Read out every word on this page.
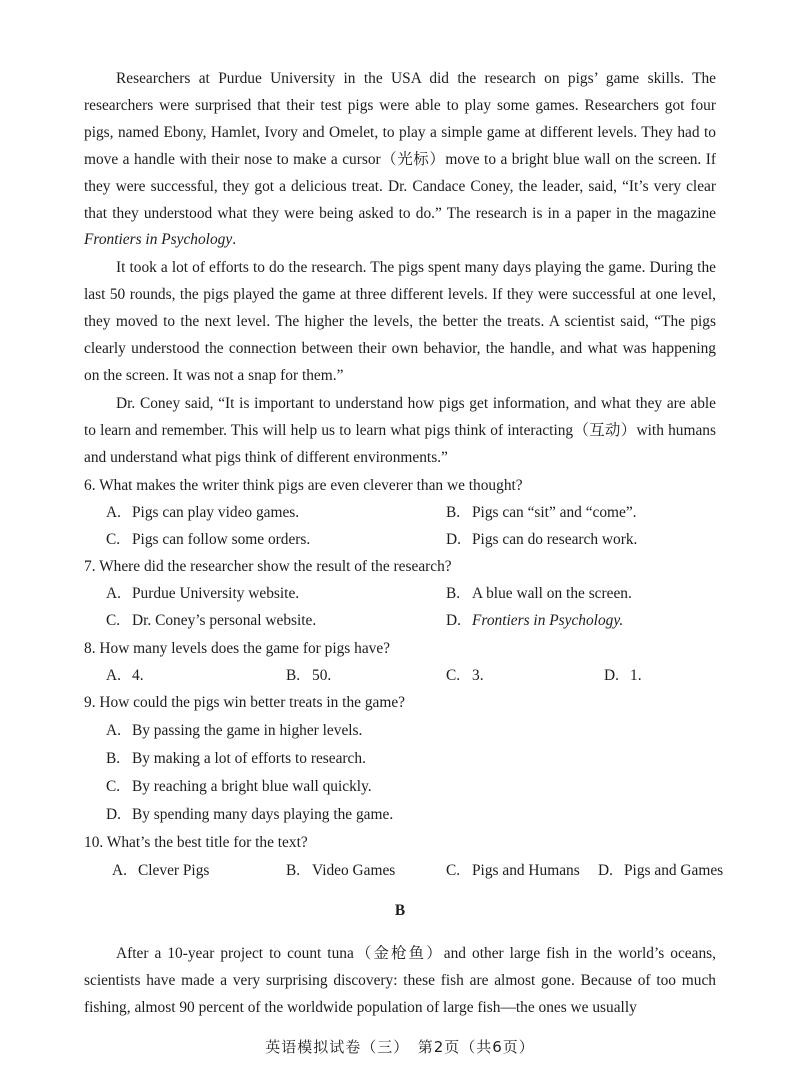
Researchers at Purdue University in the USA did the research on pigs’ game skills. The researchers were surprised that their test pigs were able to play some games. Researchers got four pigs, named Ebony, Hamlet, Ivory and Omelet, to play a simple game at different levels. They had to move a handle with their nose to make a cursor（光标）move to a bright blue wall on the screen. If they were successful, they got a delicious treat. Dr. Candace Coney, the leader, said, “It’s very clear that they understood what they were being asked to do.” The research is in a paper in the magazine Frontiers in Psychology.
It took a lot of efforts to do the research. The pigs spent many days playing the game. During the last 50 rounds, the pigs played the game at three different levels. If they were successful at one level, they moved to the next level. The higher the levels, the better the treats. A scientist said, “The pigs clearly understood the connection between their own behavior, the handle, and what was happening on the screen. It was not a snap for them.”
Dr. Coney said, “It is important to understand how pigs get information, and what they are able to learn and remember. This will help us to learn what pigs think of interacting（互动）with humans and understand what pigs think of different environments.”
6. What makes the writer think pigs are even cleverer than we thought?
A. Pigs can play video games.	B. Pigs can “sit” and “come”.
C. Pigs can follow some orders.	D. Pigs can do research work.
7. Where did the researcher show the result of the research?
A. Purdue University website.	B. A blue wall on the screen.
C. Dr. Coney’s personal website.	D. Frontiers in Psychology.
8. How many levels does the game for pigs have?
A. 4.	B. 50.	C. 3.	D. 1.
9. How could the pigs win better treats in the game?
A. By passing the game in higher levels.
B. By making a lot of efforts to research.
C. By reaching a bright blue wall quickly.
D. By spending many days playing the game.
10. What’s the best title for the text?
A. Clever Pigs	B. Video Games	C. Pigs and Humans D. Pigs and Games
B
After a 10-year project to count tuna（金枪鱼）and other large fish in the world’s oceans, scientists have made a very surprising discovery: these fish are almost gone. Because of too much fishing, almost 90 percent of the worldwide population of large fish—the ones we usually
英语模拟试卷（三）　第2页（共6页）
